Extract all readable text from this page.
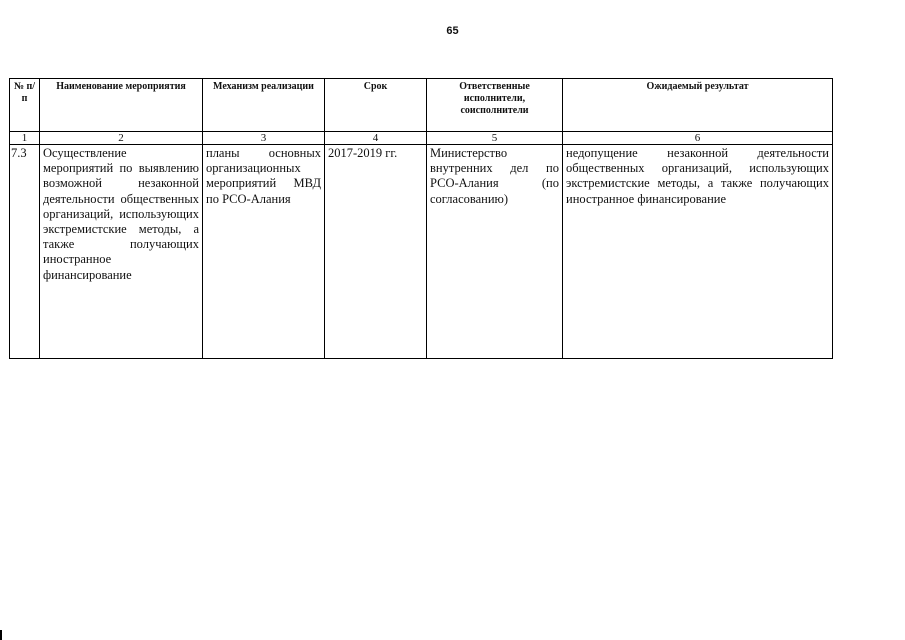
65
№ п/п	Наименование мероприятия	Механизм реализации	Срок	Ответственные исполнители, соисполнители	Ожидаемый результат
1	2	3	4	5	6
7.3	Осуществление мероприятий по выявлению возможной незаконной деятельности общественных организаций, использующих экстремистские методы, а также получающих иностранное финансирование	планы основных организационных мероприятий МВД по РСО-Алания	2017-2019 гг.	Министерство внутренних дел по РСО-Алания (по согласованию)	недопущение незаконной деятельности общественных организаций, использующих экстремистские методы, а также получающих иностранное финансирование
